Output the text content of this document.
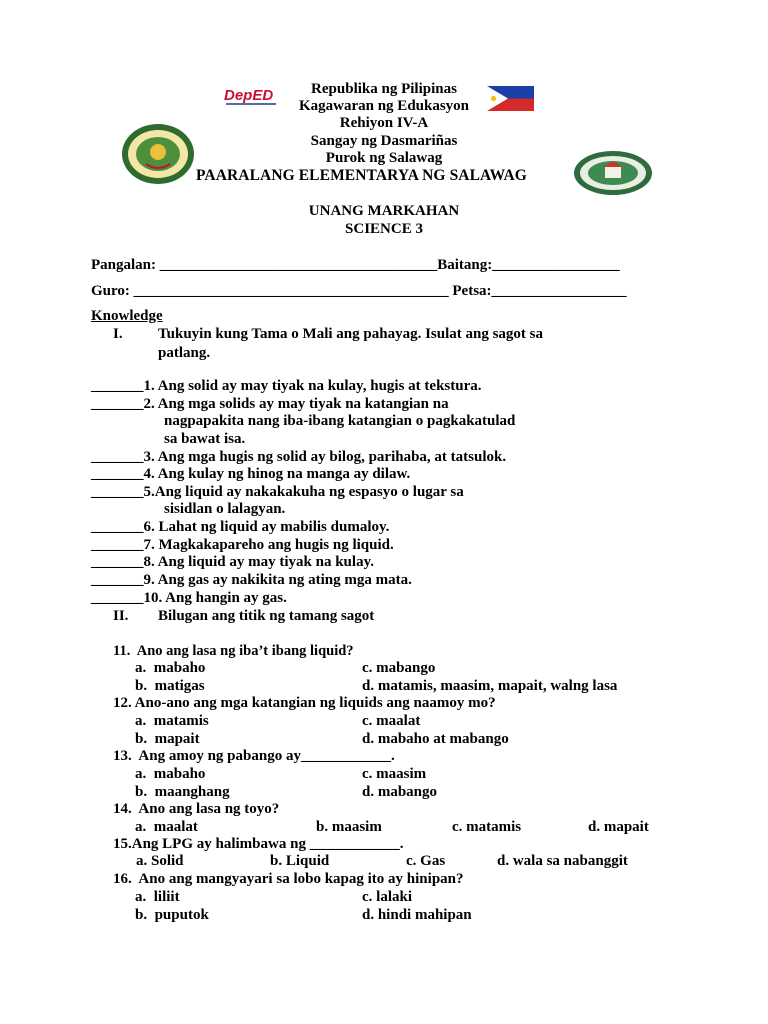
DepED	Republika ng Pilipinas
Kagawaran ng Edukasyon
Rehiyon IV-A
Sangay ng Dasmariñas
Purok ng Salawag
PAARALANG ELEMENTARYA NG SALAWAG
UNANG MARKAHAN
SCIENCE 3
Pangalan: _____________________________________Baitang:_________________
Guro: __________________________________________ Petsa:__________________
Knowledge
I. Tukuyin kung Tama o Mali ang pahayag. Isulat ang sagot sa
patlang.
_______1. Ang solid ay may tiyak na kulay, hugis at tekstura.
_______2. Ang mga solids ay may tiyak na katangian na
nagpapakita nang iba-ibang katangian o pagkakatulad
sa bawat isa.
_______3. Ang mga hugis ng solid ay bilog, parihaba, at tatsulok.
_______4. Ang kulay ng hinog na manga ay dilaw.
_______5.Ang liquid ay nakakakuha ng espasyo o lugar sa
sisidlan o lalagyan.
_______6. Lahat ng liquid ay mabilis dumaloy.
_______7. Magkakapareho ang hugis ng liquid.
_______8. Ang liquid ay may tiyak na kulay.
_______9. Ang gas ay nakikita ng ating mga mata.
_______10. Ang hangin ay gas.
II. Bilugan ang titik ng tamang sagot
11.  Ano ang lasa ng iba’t ibang liquid?
a.  mabaho	c. mabango
b.  matigas	d. matamis, maasim, mapait, walng lasa
12. Ano-ano ang mga katangian ng liquids ang naamoy mo?
a.  matamis	c. maalat
b.  mapait	d. mabaho at mabango
13.  Ang amoy ng pabango ay____________.
a.  mabaho	c. maasim
b.  maanghang	d. mabango
14.  Ano ang lasa ng toyo?
a.  maalat	b. maasim	c. matamis	d. mapait
15.Ang LPG ay halimbawa ng ____________.
a. Solid	b. Liquid	c. Gas	d. wala sa nabanggit
16.  Ano ang mangyayari sa lobo kapag ito ay hinipan?
a.  liliit	c. lalaki
b.  puputok	d. hindi mahipan
